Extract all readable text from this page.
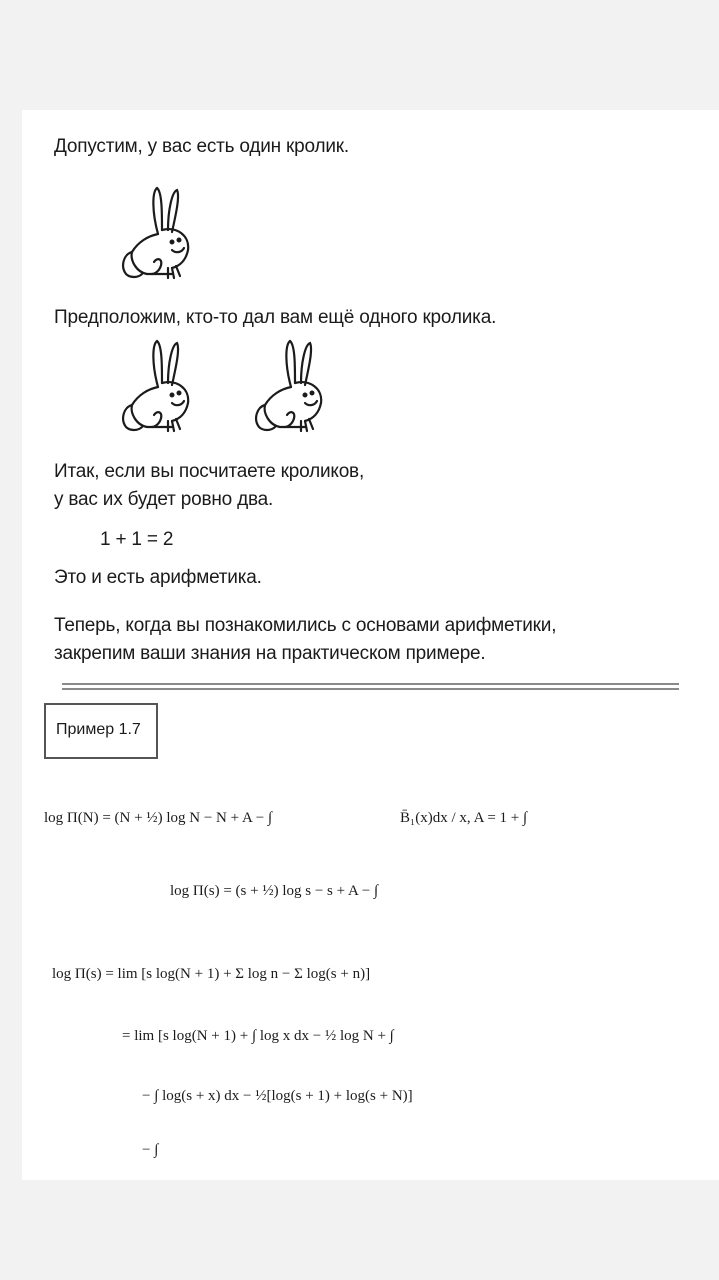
Допустим, у вас есть один кролик.
Предположим, кто-то дал вам ещё одного кролика.
Итак, если вы посчитаете кроликов,
у вас их будет ровно два.
1 + 1 = 2
Это и есть арифметика.
Теперь, когда вы познакомились с основами арифметики,
закрепим ваши знания на практическом примере.
Пример 1.7
log Π(N) = (N + ½) log N − N + A − ∫	B̄₁(x)dx / x, A = 1 + ∫
log Π(s) = (s + ½) log s − s + A − ∫
log Π(s) = lim [s log(N + 1) + Σ log n − Σ log(s + n)]
= lim [s log(N + 1) + ∫ log x dx − ½ log N + ∫
− ∫ log(s + x) dx − ½[log(s + 1) + log(s + N)]
− ∫
